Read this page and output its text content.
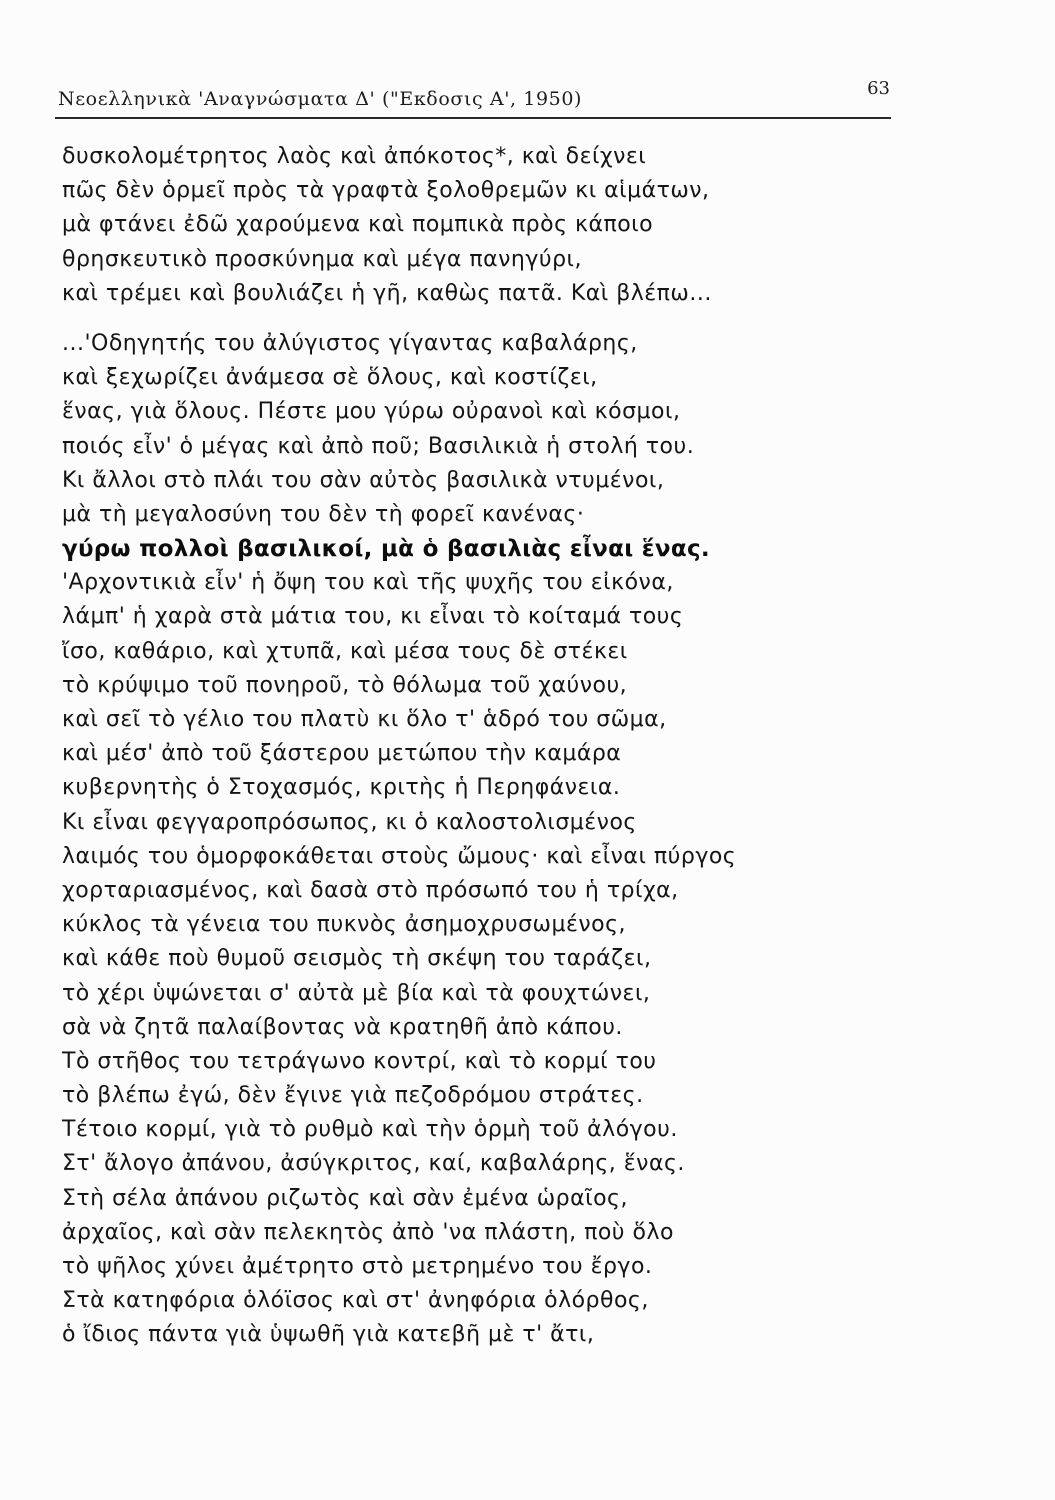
Νεοελληνικὰ 'Αναγνώσματα Δ' ("Εκδοσις Α', 1950)	63
δυσκολομέτρητος λαὸς καὶ ἀπόκοτος*, καὶ δείχνει
πῶς δὲν ὁρμεῖ πρὸς τὰ γραφτὰ ξολοθρεμῶν κι αἱμάτων,
μὰ φτάνει ἐδῶ χαρούμενα καὶ πομπικὰ πρὸς κάποιο
θρησκευτικὸ προσκύνημα καὶ μέγα πανηγύρι,
καὶ τρέμει καὶ βουλιάζει ἡ γῆ, καθὼς πατᾶ. Καὶ βλέπω...
...'Οδηγητής του ἀλύγιστος γίγαντας καβαλάρης,
καὶ ξεχωρίζει ἀνάμεσα σὲ ὅλους, καὶ κοστίζει,
ἕνας, γιὰ ὅλους. Πέστε μου γύρω οὐρανοὶ καὶ κόσμοι,
ποιός εἶν' ὁ μέγας καὶ ἀπὸ ποῦ; Βασιλικιὰ ἡ στολή του.
Κι ἄλλοι στὸ πλάι του σὰν αὐτὸς βασιλικὰ ντυμένοι,
μὰ τὴ μεγαλοσύνη του δὲν τὴ φορεῖ κανένας·
γύρω πολλοὶ βασιλικοί, μὰ ὁ βασιλιὰς εἶναι ἕνας.
'Αρχοντικιὰ εἶν' ἡ ὄψη του καὶ τῆς ψυχῆς του εἰκόνα,
λάμπ' ἡ χαρὰ στὰ μάτια του, κι εἶναι τὸ κοίταμά τους
ἴσο, καθάριο, καὶ χτυπᾶ, καὶ μέσα τους δὲ στέκει
τὸ κρύψιμο τοῦ πονηροῦ, τὸ θόλωμα τοῦ χαύνου,
καὶ σεῖ τὸ γέλιο του πλατὺ κι ὅλο τ' ἁδρό του σῶμα,
καὶ μέσ' ἀπὸ τοῦ ξάστερου μετώπου τὴν καμάρα
κυβερνητὴς ὁ Στοχασμός, κριτὴς ἡ Περηφάνεια.
Κι εἶναι φεγγαροπρόσωπος, κι ὁ καλοστολισμένος
λαιμός του ὁμορφοκάθεται στοὺς ὤμους· καὶ εἶναι πύργος
χορταριασμένος, καὶ δασὰ στὸ πρόσωπό του ἡ τρίχα,
κύκλος τὰ γένεια του πυκνὸς ἀσημοχρυσωμένος,
καὶ κάθε ποὺ θυμοῦ σεισμὸς τὴ σκέψη του ταράζει,
τὸ χέρι ὑψώνεται σ' αὐτὰ μὲ βία καὶ τὰ φουχτώνει,
σὰ νὰ ζητᾶ παλαίβοντας νὰ κρατηθῆ ἀπὸ κάπου.
Τὸ στῆθος του τετράγωνο κοντρί, καὶ τὸ κορμί του
τὸ βλέπω ἐγώ, δὲν ἔγινε γιὰ πεζοδρόμου στράτες.
Τέτοιο κορμί, γιὰ τὸ ρυθμὸ καὶ τὴν ὁρμὴ τοῦ ἀλόγου.
Στ' ἄλογο ἀπάνου, ἀσύγκριτος, καί, καβαλάρης, ἕνας.
Στὴ σέλα ἀπάνου ριζωτὸς καὶ σὰν ἐμένα ὡραῖος,
ἀρχαῖος, καὶ σὰν πελεκητὸς ἀπὸ 'να πλάστη, ποὺ ὅλο
τὸ ψῆλος χύνει ἀμέτρητο στὸ μετρημένο του ἔργο.
Στὰ κατηφόρια ὁλόϊσος καὶ στ' ἀνηφόρια ὁλόρθος,
ὁ ἴδιος πάντα γιὰ ὑψωθῆ γιὰ κατεβῆ μὲ τ' ἄτι,
